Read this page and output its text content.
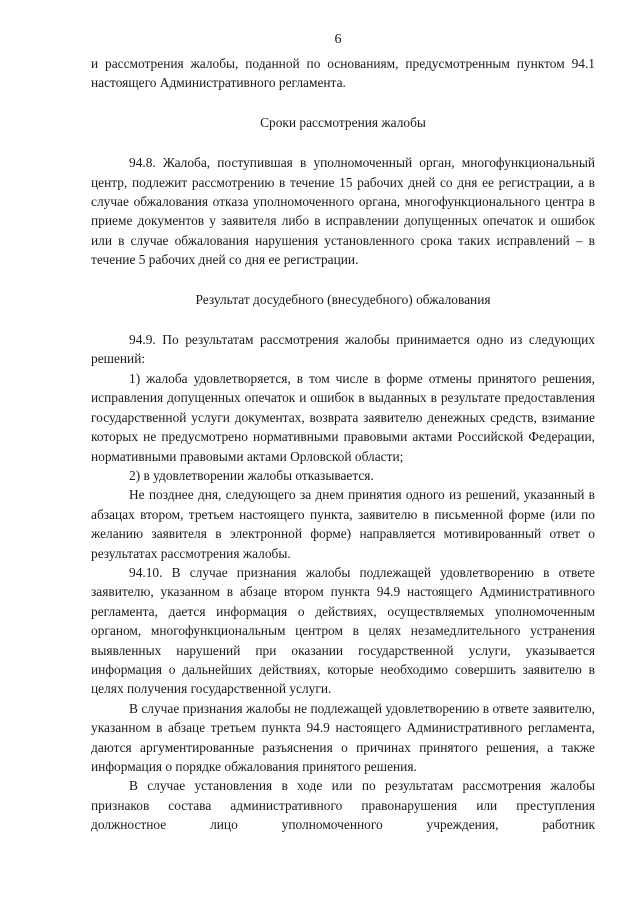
6

и рассмотрения жалобы, поданной по основаниям, предусмотренным пунктом 94.1 настоящего Административного регламента.

Сроки рассмотрения жалобы

94.8. Жалоба, поступившая в уполномоченный орган, многофункциональный центр, подлежит рассмотрению в течение 15 рабочих дней со дня ее регистрации, а в случае обжалования отказа уполномоченного органа, многофункционального центра в приеме документов у заявителя либо в исправлении допущенных опечаток и ошибок или в случае обжалования нарушения установленного срока таких исправлений – в течение 5 рабочих дней со дня ее регистрации.

Результат досудебного (внесудебного) обжалования

94.9. По результатам рассмотрения жалобы принимается одно из следующих решений:

1) жалоба удовлетворяется, в том числе в форме отмены принятого решения, исправления допущенных опечаток и ошибок в выданных в результате предоставления государственной услуги документах, возврата заявителю денежных средств, взимание которых не предусмотрено нормативными правовыми актами Российской Федерации, нормативными правовыми актами Орловской области;

2) в удовлетворении жалобы отказывается.

Не позднее дня, следующего за днем принятия одного из решений, указанный в абзацах втором, третьем настоящего пункта, заявителю в письменной форме (или по желанию заявителя в электронной форме) направляется мотивированный ответ о результатах рассмотрения жалобы.

94.10. В случае признания жалобы подлежащей удовлетворению в ответе заявителю, указанном в абзаце втором пункта 94.9 настоящего Административного регламента, дается информация о действиях, осуществляемых уполномоченным органом, многофункциональным центром в целях незамедлительного устранения выявленных нарушений при оказании государственной услуги, указывается информация о дальнейших действиях, которые необходимо совершить заявителю в целях получения государственной услуги.

В случае признания жалобы не подлежащей удовлетворению в ответе заявителю, указанном в абзаце третьем пункта 94.9 настоящего Административного регламента, даются аргументированные разъяснения о причинах принятого решения, а также информация о порядке обжалования принятого решения.

В случае установления в ходе или по результатам рассмотрения жалобы признаков состава административного правонарушения или преступления должностное лицо уполномоченного учреждения, работник
